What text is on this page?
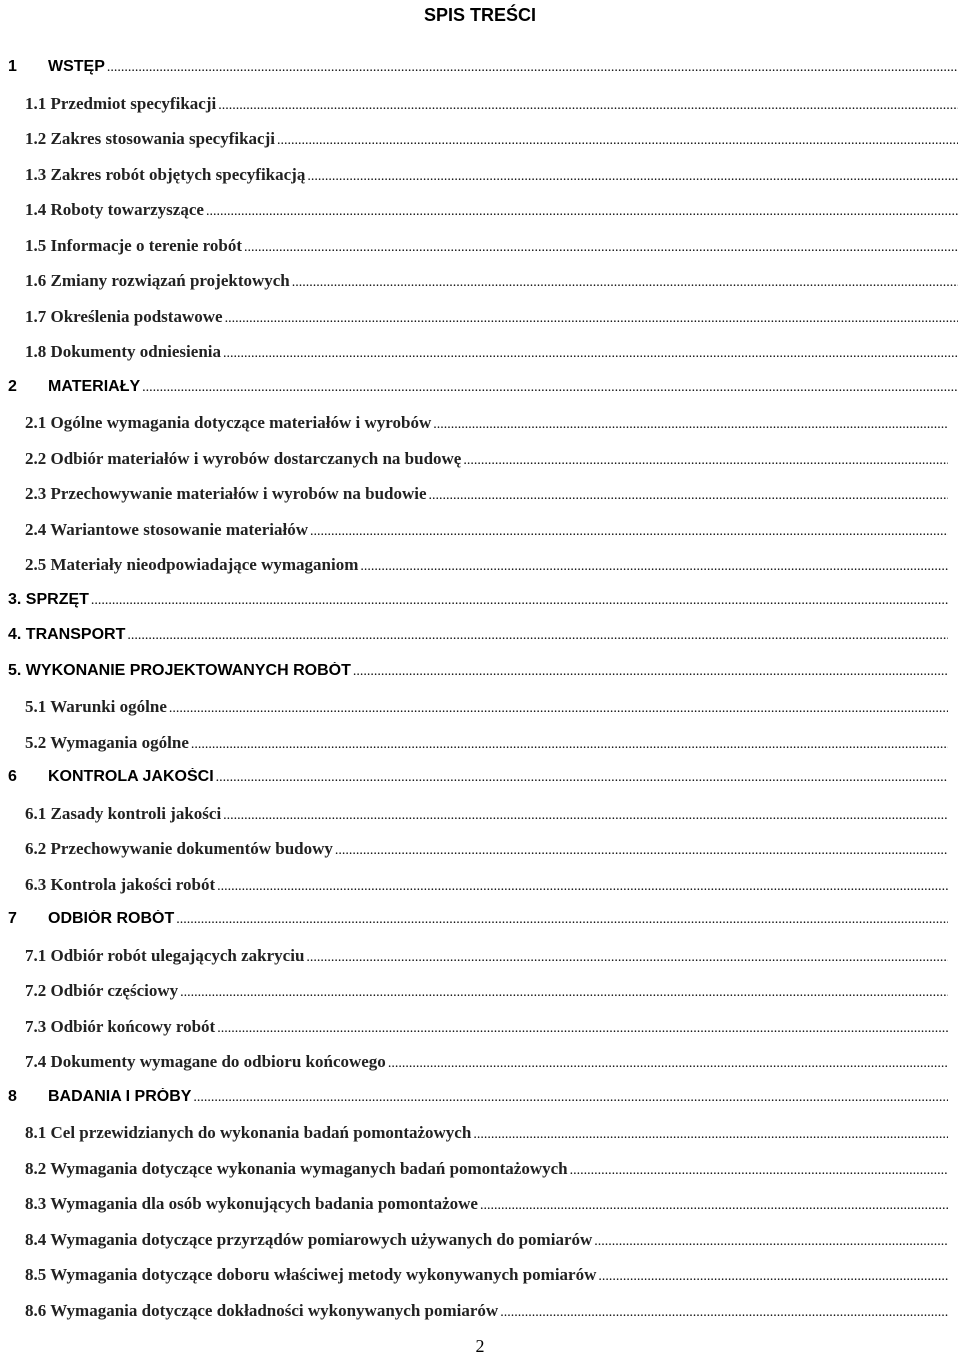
SPIS TREŚCI
1 WSTĘP
.....
1.1 Przedmiot specyfikacji
.....
1.2 Zakres stosowania specyfikacji
.....
1.3 Zakres robót objętych specyfikacją
.....
1.4 Roboty towarzyszące
.....
1.5 Informacje o terenie robót
.....
1.6 Zmiany rozwiązań projektowych
.....
1.7 Określenia podstawowe
.....
1.8 Dokumenty odniesienia
.....
2 MATERIAŁY
.....
2.1 Ogólne wymagania dotyczące materiałów i wyrobów
.....
2.2 Odbiór materiałów i wyrobów dostarczanych na budowę
.....
2.3 Przechowywanie materiałów i wyrobów na budowie
.....
2.4 Wariantowe stosowanie materiałów
.....
2.5 Materiały nieodpowiadające wymaganiom
.....
3. SPRZĘT
.....
4. TRANSPORT
.....
5. WYKONANIE PROJEKTOWANYCH ROBÓT
.....
5.1 Warunki ogólne
.....
5.2 Wymagania ogólne
.....
6 KONTROLA JAKOŚCI
.....
6.1 Zasady kontroli jakości
.....
6.2 Przechowywanie dokumentów budowy
.....
6.3 Kontrola jakości robót
.....
7 ODBIÓR ROBÓT
.....
7.1 Odbiór robót ulegających zakryciu
.....
7.2 Odbiór częściowy
.....
7.3 Odbiór końcowy robót
.....
7.4 Dokumenty wymagane do odbioru końcowego
.....
8 BADANIA I PRÓBY
.....
8.1 Cel przewidzianych do wykonania badań pomontażowych
.....
8.2 Wymagania dotyczące wykonania wymaganych badań pomontażowych
.....
8.3 Wymagania dla osób wykonujących badania pomontażowe
.....
8.4 Wymagania dotyczące przyrządów pomiarowych używanych do pomiarów
.....
8.5 Wymagania dotyczące doboru właściwej metody wykonywanych pomiarów
.....
8.6 Wymagania dotyczące dokładności wykonywanych pomiarów
.....
2
